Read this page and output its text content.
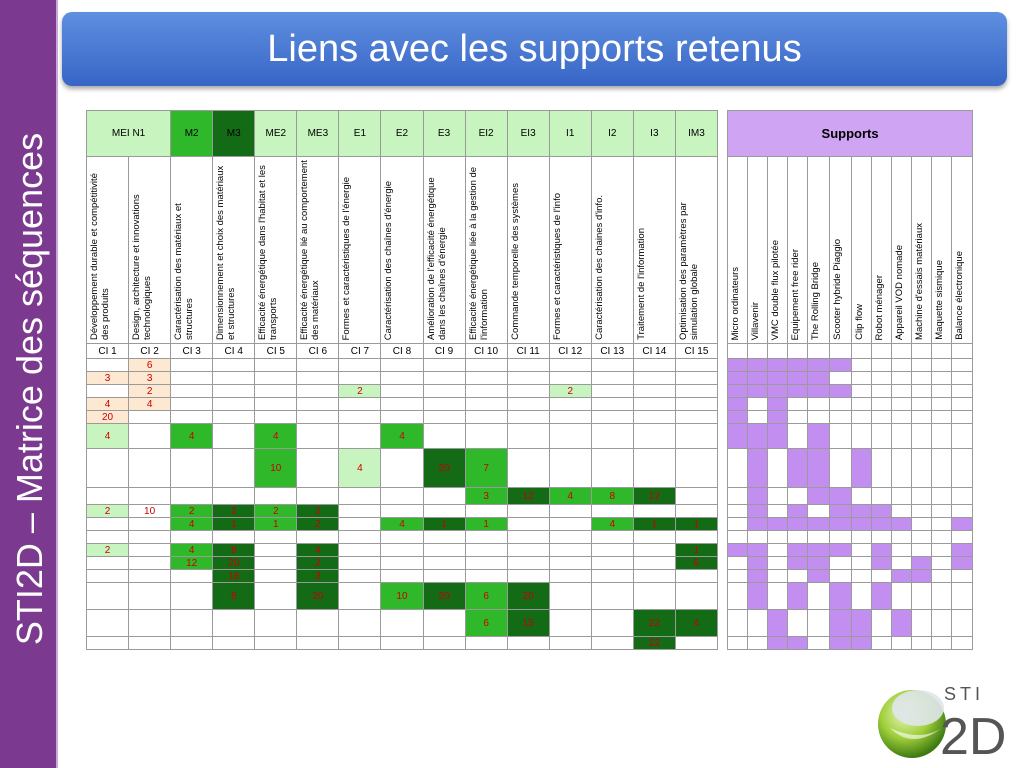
STI2D – Matrice des séquences
Liens avec les supports retenus
MEI N1		M2	M3	ME2	ME3	E1	E2	E3	EI2	EI3	I1	I2	I3	IM3

Développement durable et compétitivité des produits	Design, architecture et innovations technologiques	Caractérisation des matériaux et structures	Dimensionnement et choix des matériaux et structures	Efficacité énergétique dans l'habitat et les transports	Efficacité énergétique lié au comportement des matériaux	Formes et caractéristiques de l'énergie	Caractérisation des chaînes d'énergie	Amélioration de l'efficacité énergétique dans les chaînes d'énergie	Efficacité énergétique liée à la gestion de l'information	Commande temporelle des systèmes	Formes et caractéristiques de l'info	Caractérisation des chaines d'info.	Traitement de l'information	Optimisation des paramètres par simulation globale

CI 1	CI 2	CI 3	CI 4	CI 5	CI 6	CI 7	CI 8	CI 9	CI 10	CI 11	CI 12	CI 13	CI 14	CI 15
	6													
3	3													
	2					2					2			
4	4													
20														
4		4		4			4							
				10		4		20	7					
									3	12	4	8	12	
2	10	2	2	2	2									
		4	1	1	2		4	1	1			4	1	1

2		4	8		4									1
		12	20		2									6
			18		3									
			8		20		10	20	6	20				
									6	15			22	4
													22	
Supports											

Micro ordinateurs	Villavenir	VMC double flux pilotée	Equipement free rider	The Rolling Bridge	Scooter hybride Piaggio	Clip flow	Robot ménager	Appareil VOD nomade	Machine d'essais matériaux	Maquette sismique	Balance électronique

STI
2D
